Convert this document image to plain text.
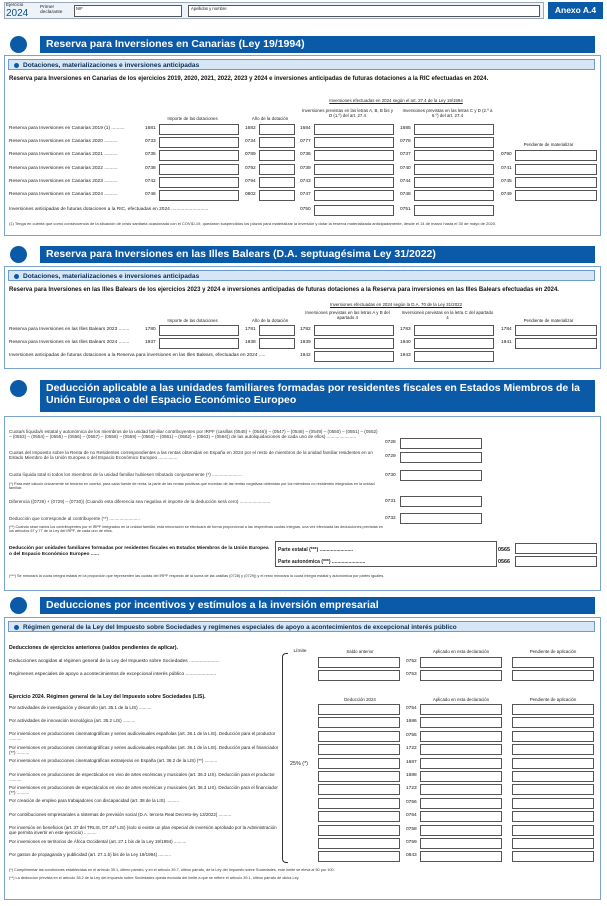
Ejercicio
2024
Primer declarante
NIF	Apellidos y nombre	Anexo A.4
Reserva para Inversiones en Canarias (Ley 19/1994)
Dotaciones, materializaciones e inversiones anticipadas
Reserva para Inversiones en Canarias de los ejercicios 2019, 2020, 2021, 2022, 2023 y 2024 e inversiones anticipadas de futuras dotaciones a la RIC efectuadas en 2024.
Inversiones efectuadas en 2024 según el art. 27.4 de la Ley 19/1994
Importe de las dotaciones	Año de la dotación
Inversiones previstas en las letras A, B, B bis y D (1.º) del art. 27.4
Inversiones previstas en las letras C y D (2.º a 6.º) del art. 27.4
Pendiente de materializar
Reserva para Inversiones en Canarias 2019 (1) ..........	1681	1682	1684	1685
Reserva para Inversiones en Canarias 2020 ..........	0733	0734	0777	0778
Reserva para Inversiones en Canarias 2021 ..........	0735	0789	0736	0737	0790
Reserva para Inversiones en Canarias 2022 ..........	0738	0792	0739	0740	0741
Reserva para Inversiones en Canarias 2023 ..........	0742	0794	0743	0744	0745
Reserva para Inversiones en Canarias 2024 ..........	0746	0802	0747	0748	0749
Inversiones anticipadas de futuras dotaciones a la RIC, efectuadas en 2024 ............................	0750	0751
(1) Tenga en cuenta que como consecuencia de la situación de crisis sanitaria ocasionada con el COVID-19, quedaron suspendidos los plazos para materializar la inversión y dotar la reserva materializada anticipadamente, desde el 14 de marzo hasta el 30 de mayo de 2020.
Reserva para Inversiones en las Illes Balears (D.A. septuagésima Ley 31/2022)
Dotaciones, materializaciones e inversiones anticipadas
Reserva para Inversiones en las Illes Balears de los ejercicios 2023 y 2024 e inversiones anticipadas de futuras dotaciones a la Reserva para inversiones en las Illes Balears efectuadas en 2024.
Inversiones efectuadas en 2024 según la D.A. 70 de la Ley 31/2022
Importe de las dotaciones	Año de la dotación
Inversiones previstas en las letras A y B del apartado 4
Inversiones previstas en la letra C del apartado 4
Pendiente de materializar
Reserva para Inversiones en las Illes Balears 2023 ........	1780	1781	1782	1783	1784
Reserva para Inversiones en las Illes Balears 2024 ........	1937	1938	1939	1940	1941
Inversiones anticipadas de futuras dotaciones a la Reserva para inversiones en las Illes Balears, efectuadas en 2024 .....	1942	1943
Deducción aplicable a las unidades familiares formadas por residentes fiscales en Estados Miembros de la Unión Europea o del Espacio Económico Europeo
Cuota/s líquida/s estatal y autonómica de los miembros de la unidad familiar contribuyentes por IRPF (casillas (0545) + (0546)) – (0547) – (0548) – (0549) – (0550) – (0551) – (0552) – (0553) – (0554) – (0555) – (0556) – (0557) – (0558) – (0559) – (0560) – (0561) – (0562) – (0563) – (0564)) de las autoliquidaciones de cada uno de ellos) .......................
0728
Cuotas del Impuesto sobre la Renta de no Residentes correspondientes a las rentas obtenidas en España en 2024 por el resto de miembros de la unidad familiar residentes en un Estado Miembro de la Unión Europea o del Espacio Económico Europeo ...............	0729
Cuota líquida total si todos los miembros de la unidad familiar hubiesen tributado conjuntamente (*) ........................	0730
(*) Para este cálculo únicamente se tendrán en cuenta, para cada fuente de renta, la parte de las rentas positivas que excedan de las rentas negativas obtenidas por los miembros no residentes integrados en la unidad familiar.
Diferencia ((0728) + (0729) – (0730)) (Cuando esta diferencia sea negativa el importe de la deducción será cero) ........................	0731
Deducción que corresponde al contribuyente (**) ........................	0732
(**) Cuando sean varios los contribuyentes por el IRPF integrados en la unidad familiar, esta minoración se efectuará de forma proporcional a las respectivas cuotas íntegras, una vez efectuada las deducciones previstas en los artículos 67 y 77 de la Ley del IRPF, de cada uno de ellos.
Deducción por unidades familiares formadas por residentes fiscales en Estados Miembros de la Unión Europea o del Espacio Económico Europeo ......
Parte estatal (***) ........................	0565
Parte autonómica (***) ........................	0566
(***) Se minorará la cuota íntegra estatal en la proporción que representen las cuotas del IRPF respecto de la suma de las casillas (0728) y (0729)) y el resto minorará la cuota íntegra estatal y autonómica por partes iguales.
Deducciones por incentivos y estímulos a la inversión empresarial
Régimen general de la Ley del Impuesto sobre Sociedades y regímenes especiales de apoyo a acontecimientos de excepcional interés público
Deducciones de ejercicios anteriores (saldos pendientes de aplicar).
Límite	Saldo anterior	Aplicado en esta declaración	Pendiente de aplicación
Deducciones acogidas al régimen general de la Ley del Impuesto sobre Sociedades .......................	0752
Regímenes especiales de apoyo a acontecimientos de excepcional interés público .......................	0753
Ejercicio 2024. Régimen general de la Ley del Impuesto sobre Sociedades (LIS).	Deducción 2024	Aplicado en esta declaración	Pendiente de aplicación
25% (*)
Por actividades de investigación y desarrollo (art. 35.1 de la LIS) ..........	0754
Por actividades de innovación tecnológica (art. 35.2 LIS) ..........	1686
Por inversiones en producciones cinematográficas y series audiovisuales españolas (art. 36.1 de la LIS). Deducción para el productor ..........
0755
Por inversiones en producciones cinematográficas y series audiovisuales españolas (art. 36.1 de la LIS). Deducción para el financiador (**) ..........
1722
Por inversiones en producciones cinematográficas extranjeras en España (art. 36.2 de la LIS) (**) ..........	1687
Por inversiones en producciones de espectáculos en vivo de artes escénicas y musicales (art. 36.3 LIS). Deducción para el productor ..........
1688
Por inversiones en producciones de espectáculos en vivo de artes escénicas y musicales (art. 36.3 LIS). Deducción para el financiador (**) ..........
1723
Por creación de empleo para trabajadores con discapacidad (art. 38 de la LIS) ..........	0756
Por contribuciones empresariales a sistemas de previsión social (D.A. tercera Real Decreto-ley 13/2022) ..........	0764
Por inversión en beneficios (art. 37 del TRLIS, DT 24ª LIS) (solo si existe un plan especial de inversión aprobado por la Administración que permita invertir en este ejercicio) ..........
0758
Por inversiones en territorios de África Occidental (art. 27.1 bis de la Ley 19/1994) ..........	0759
Por gastos de propaganda y publicidad (art. 27.1.b) bis de la Ley 19/1994) ..........	0843
(*) Cumplimentar las condiciones establecidas en el artículo 39.1, último párrafo, y en el artículo 39.7, último párrafo, de la Ley del Impuesto sobre Sociedades, este límite se eleva al 50 por 100.
(**) La deducción prevista en el artículo 36.2 de la Ley del Impuesto sobre Sociedades queda excluida del límite a que se refiere el artículo 39.1, último párrafo de dicha Ley.
